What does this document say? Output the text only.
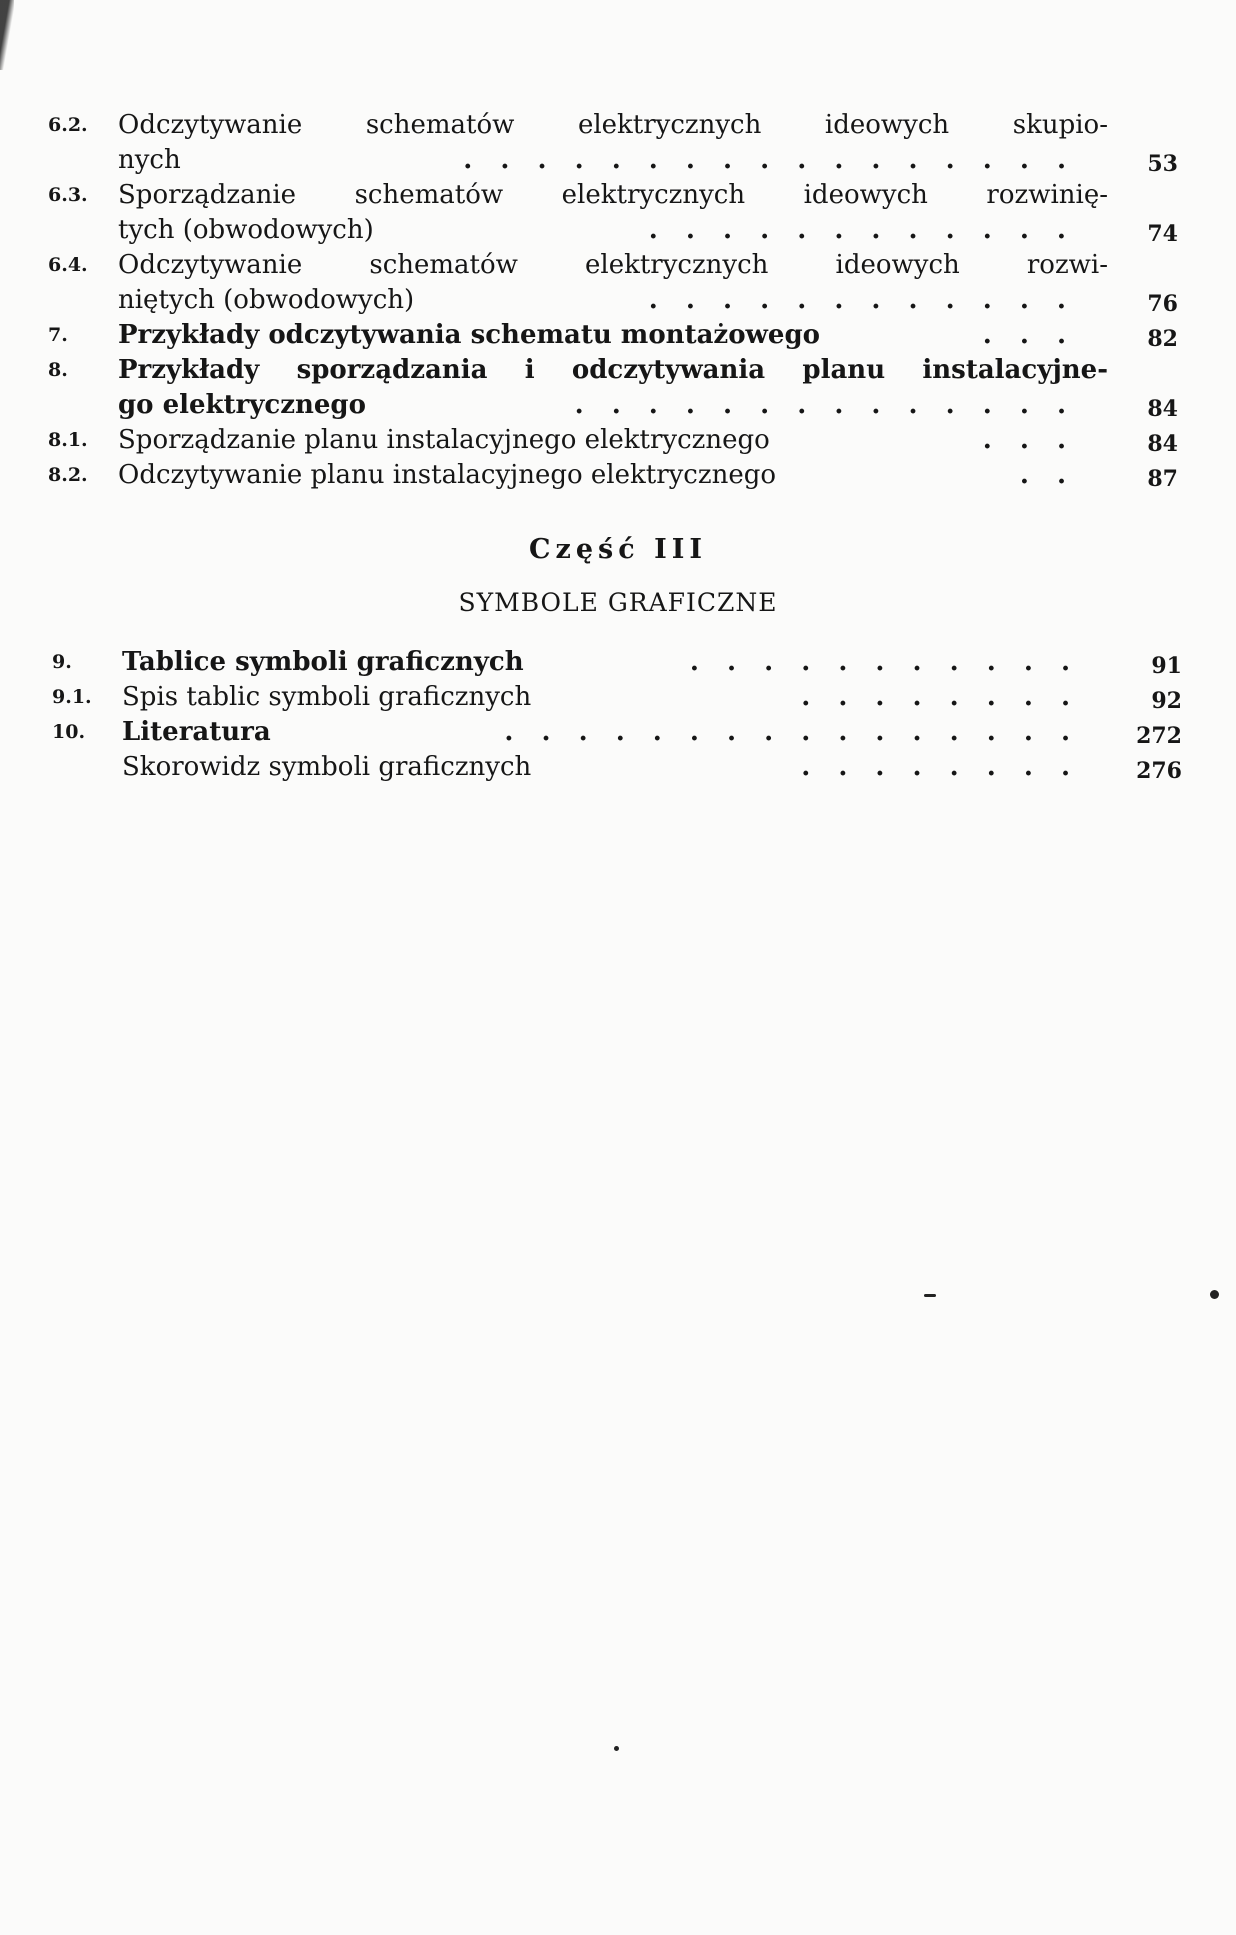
6.2.	Odczytywanie schematów elektrycznych ideowych skupio-
nych	. . . . . . . . . . . . . . . . .	53
6.3.	Sporządzanie schematów elektrycznych ideowych rozwinię-
tych (obwodowych)	. . . . . . . . . . . .	74
6.4.	Odczytywanie schematów elektrycznych ideowych rozwi-
niętych (obwodowych)	. . . . . . . . . . . .	76
7.	Przykłady odczytywania schematu montażowego	. . .	82
8.	Przykłady sporządzania i odczytywania planu instalacyjne-
go elektrycznego	. . . . . . . . . . . . . .	84
8.1.	Sporządzanie planu instalacyjnego elektrycznego	. . .	84
8.2.	Odczytywanie planu instalacyjnego elektrycznego	. .	87
Część III
SYMBOLE GRAFICZNE
9.	Tablice symboli graficznych	. . . . . . . . . . .	91
9.1.	Spis tablic symboli graficznych	. . . . . . . .	92
10.	Literatura	. . . . . . . . . . . . . . . .	272
Skorowidz symboli graficznych	. . . . . . . .	276
